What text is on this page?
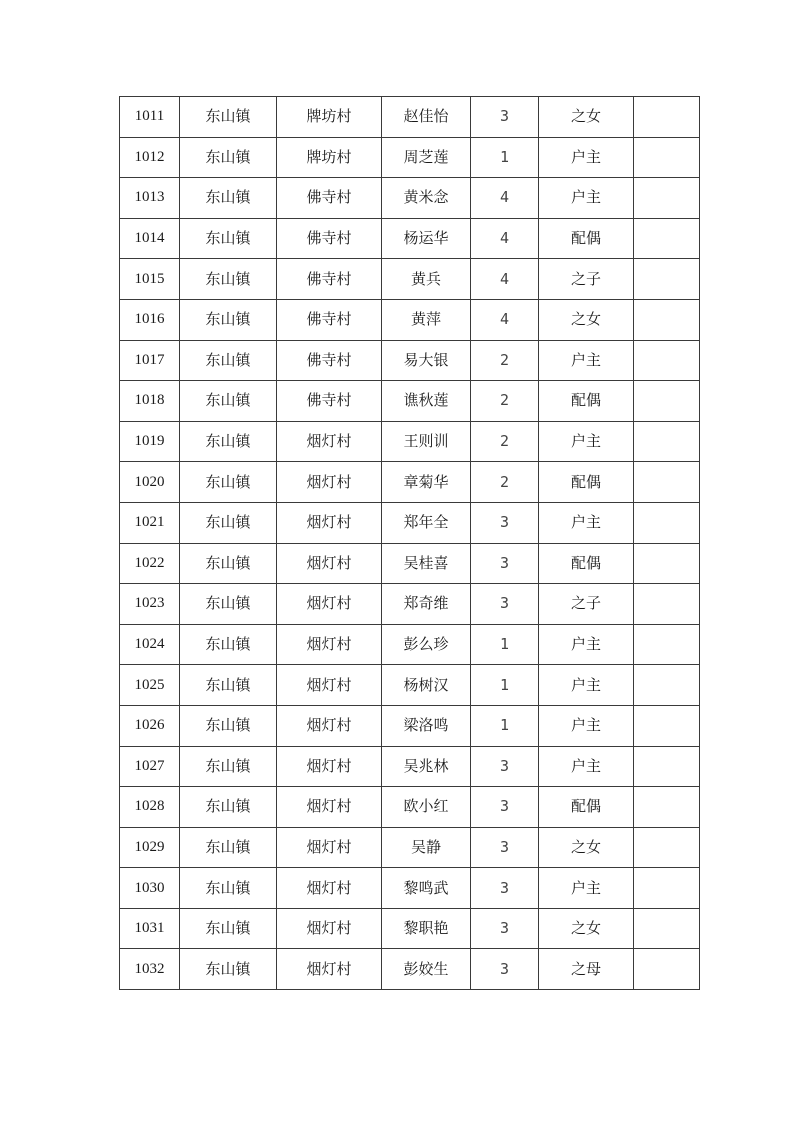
1011	东山镇	牌坊村	赵佳怡	3	之女	
1012	东山镇	牌坊村	周芝莲	1	户主	
1013	东山镇	佛寺村	黄米念	4	户主	
1014	东山镇	佛寺村	杨运华	4	配偶	
1015	东山镇	佛寺村	黄兵	4	之子	
1016	东山镇	佛寺村	黄萍	4	之女	
1017	东山镇	佛寺村	易大银	2	户主	
1018	东山镇	佛寺村	谯秋莲	2	配偶	
1019	东山镇	烟灯村	王则训	2	户主	
1020	东山镇	烟灯村	章菊华	2	配偶	
1021	东山镇	烟灯村	郑年全	3	户主	
1022	东山镇	烟灯村	吴桂喜	3	配偶	
1023	东山镇	烟灯村	郑奇维	3	之子	
1024	东山镇	烟灯村	彭么珍	1	户主	
1025	东山镇	烟灯村	杨树汉	1	户主	
1026	东山镇	烟灯村	梁洛鸣	1	户主	
1027	东山镇	烟灯村	吴兆林	3	户主	
1028	东山镇	烟灯村	欧小红	3	配偶	
1029	东山镇	烟灯村	吴静	3	之女	
1030	东山镇	烟灯村	黎鸣武	3	户主	
1031	东山镇	烟灯村	黎职艳	3	之女	
1032	东山镇	烟灯村	彭姣生	3	之母	
